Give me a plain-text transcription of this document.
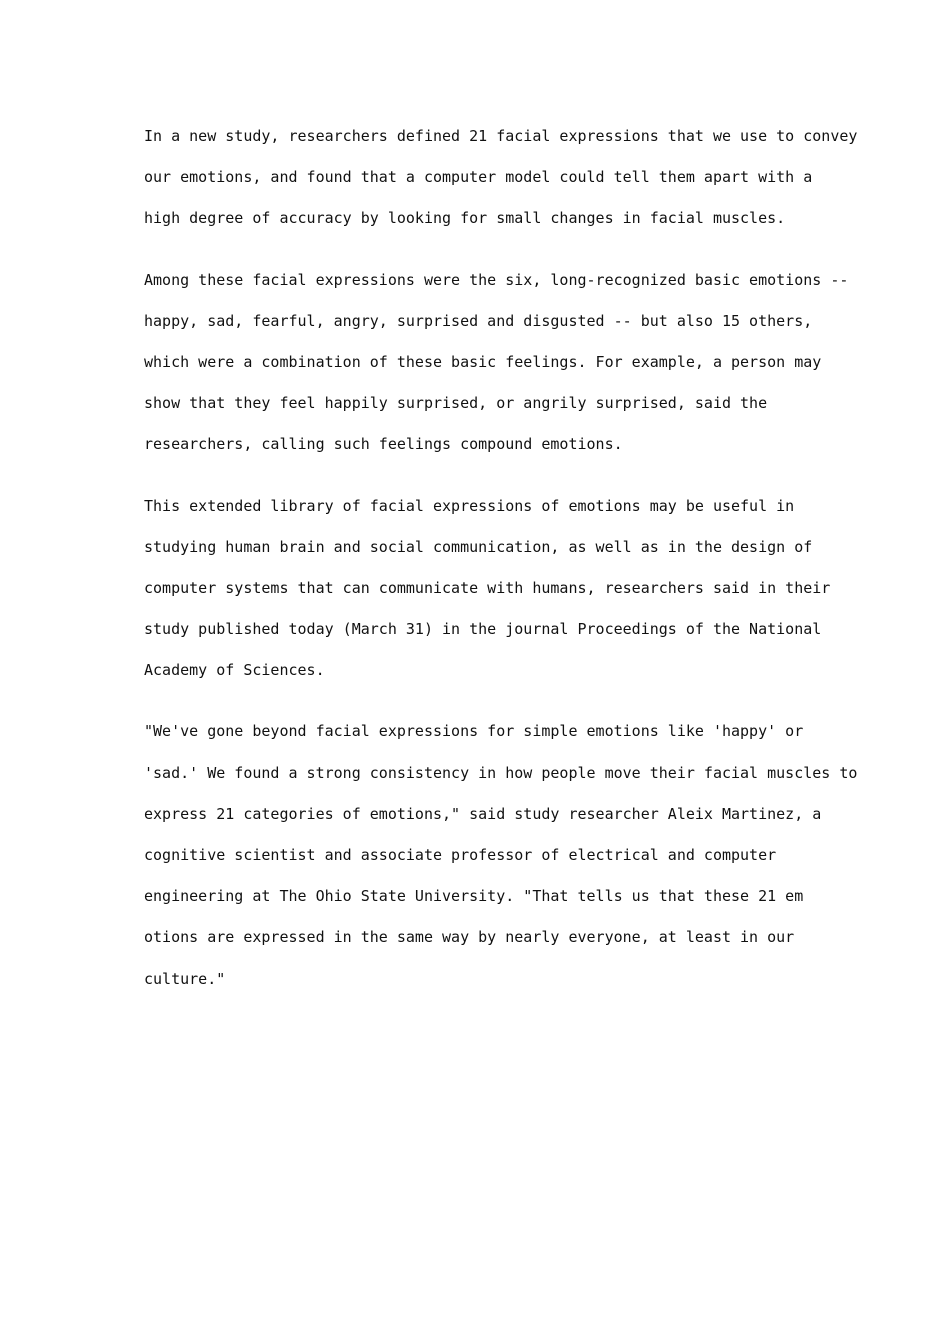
In a new study, researchers defined 21 facial expressions that we use to convey
our emotions, and found that a computer model could tell them apart with a
high degree of accuracy by looking for small changes in facial muscles.
Among these facial expressions were the six, long-recognized basic emotions --
happy, sad, fearful, angry, surprised and disgusted -- but also 15 others,
which were a combination of these basic feelings. For example, a person may
show that they feel happily surprised, or angrily surprised, said the
researchers, calling such feelings compound emotions.
This extended library of facial expressions of emotions may be useful in
studying human brain and social communication, as well as in the design of
computer systems that can communicate with humans, researchers said in their
study published today (March 31) in the journal Proceedings of the National
Academy of Sciences.
"We've gone beyond facial expressions for simple emotions like 'happy' or
'sad.' We found a strong consistency in how people move their facial muscles to
express 21 categories of emotions," said study researcher Aleix Martinez, a
cognitive scientist and associate professor of electrical and computer
engineering at The Ohio State University. "That tells us that these 21 em
otions are expressed in the same way by nearly everyone, at least in our
culture."
